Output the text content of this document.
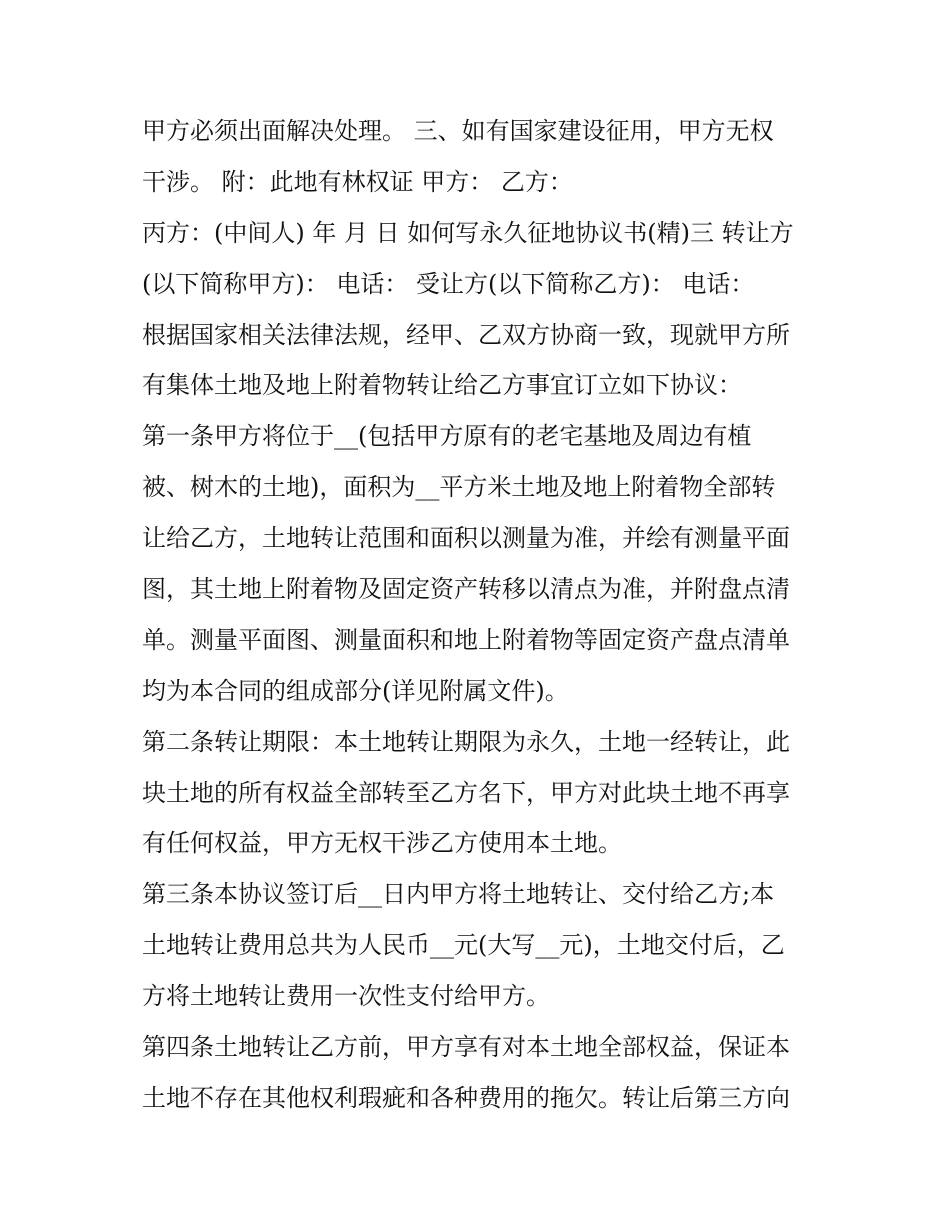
甲方必须出面解决处理。 三、如有国家建设征用，甲方无权
干涉。 附：此地有林权证 甲方： 乙方：
丙方：(中间人) 年 月 日 如何写永久征地协议书(精)三 转让方
(以下简称甲方)： 电话： 受让方(以下简称乙方)： 电话：
根据国家相关法律法规，经甲、乙双方协商一致，现就甲方所
有集体土地及地上附着物转让给乙方事宜订立如下协议：
第一条甲方将位于__(包括甲方原有的老宅基地及周边有植
被、树木的土地)，面积为__平方米土地及地上附着物全部转
让给乙方，土地转让范围和面积以测量为准，并绘有测量平面
图，其土地上附着物及固定资产转移以清点为准，并附盘点清
单。测量平面图、测量面积和地上附着物等固定资产盘点清单
均为本合同的组成部分(详见附属文件)。
第二条转让期限：本土地转让期限为永久，土地一经转让，此
块土地的所有权益全部转至乙方名下，甲方对此块土地不再享
有任何权益，甲方无权干涉乙方使用本土地。
第三条本协议签订后__日内甲方将土地转让、交付给乙方;本
土地转让费用总共为人民币__元(大写__元)，土地交付后，乙
方将土地转让费用一次性支付给甲方。
第四条土地转让乙方前，甲方享有对本土地全部权益，保证本
土地不存在其他权利瑕疵和各种费用的拖欠。转让后第三方向
